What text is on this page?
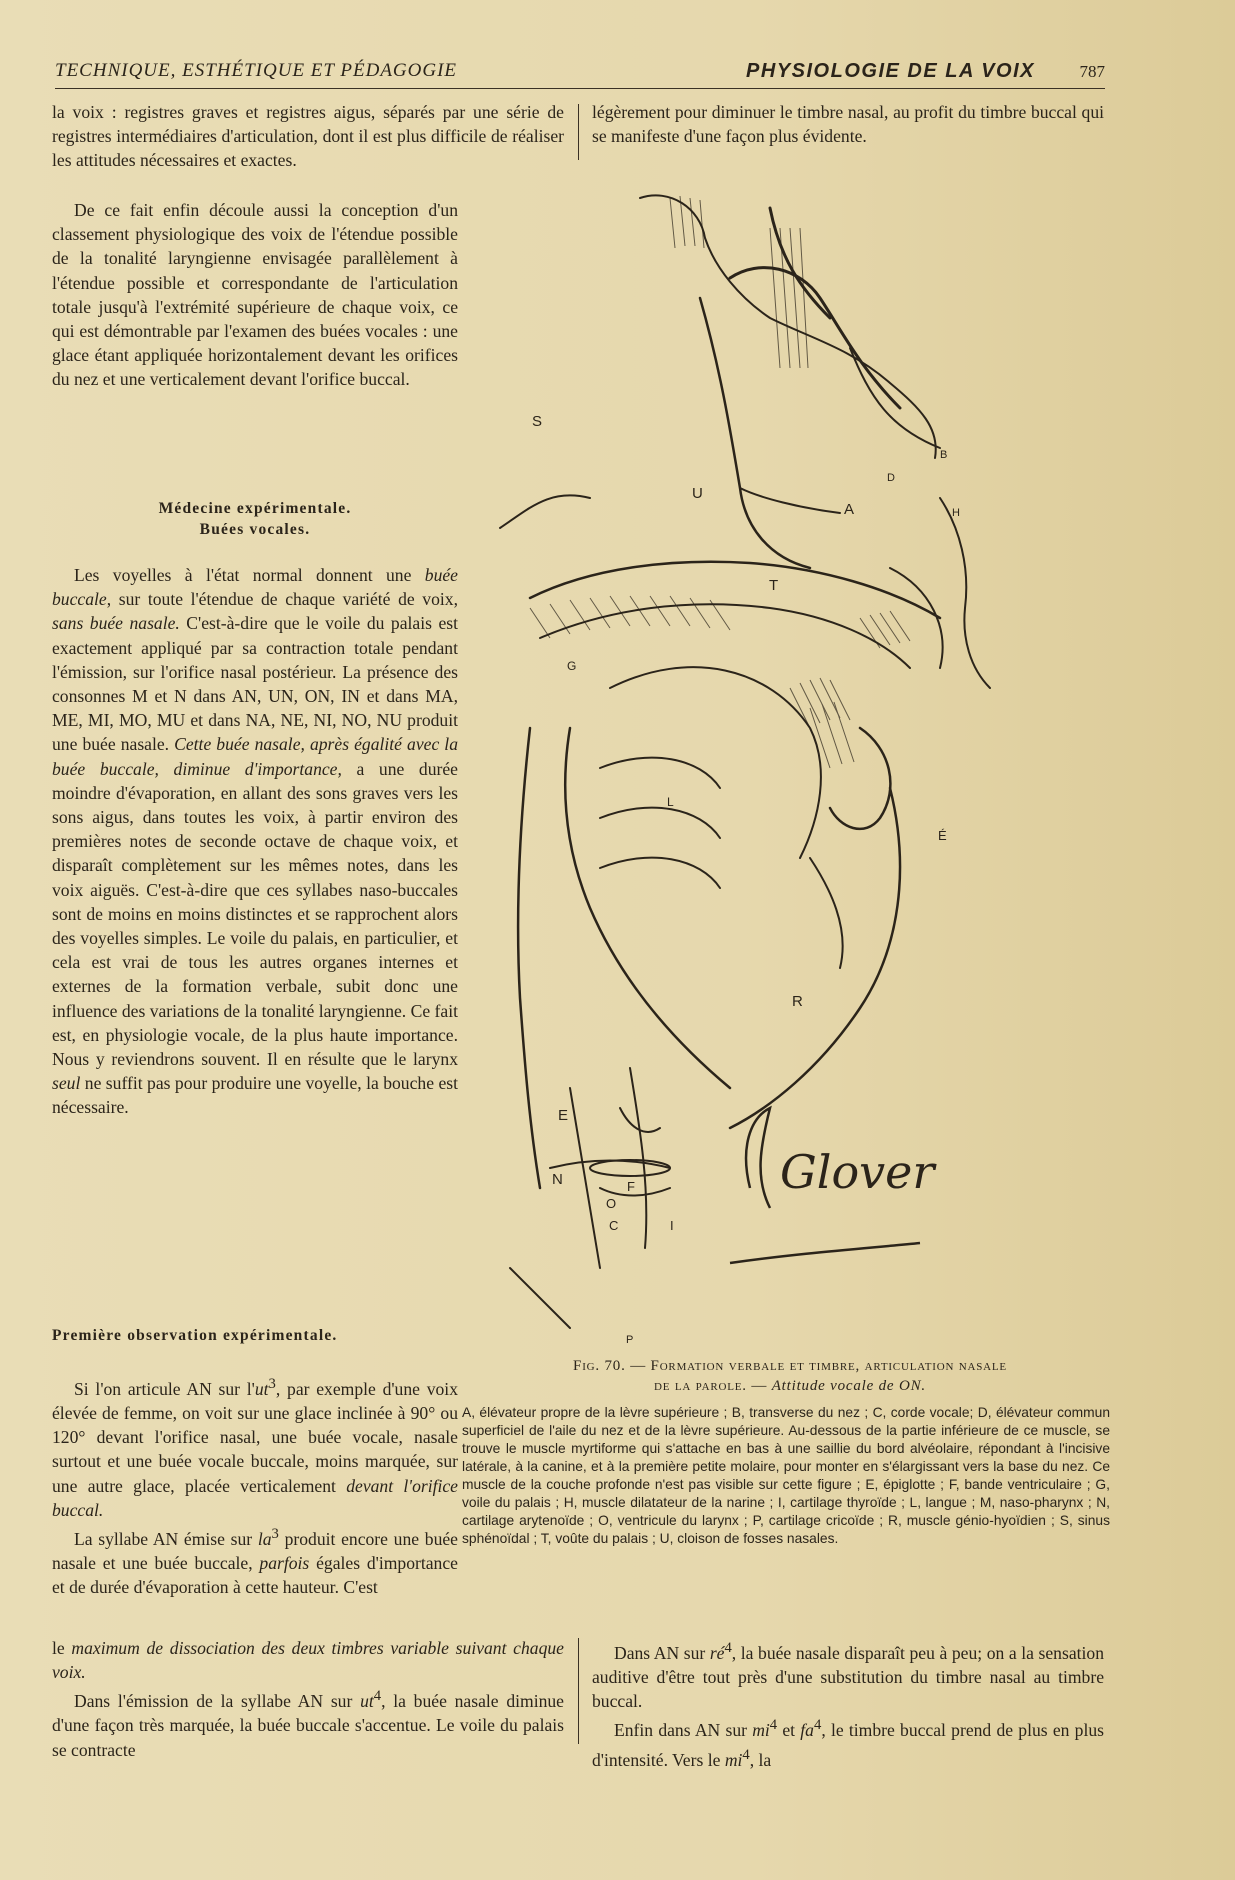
TECHNIQUE, ESTHÉTIQUE ET PÉDAGOGIE	PHYSIOLOGIE DE LA VOIX	787

la voix : registres graves et registres aigus, séparés par une série de registres intermédiaires d'articulation, dont il est plus difficile de réaliser les attitudes nécessaires et exactes.

De ce fait enfin découle aussi la conception d'un classement physiologique des voix de l'étendue possible de la tonalité laryngienne envisagée parallèlement à l'étendue possible et correspondante de l'articulation totale jusqu'à l'extrémité supérieure de chaque voix, ce qui est démontrable par l'examen des buées vocales : une glace étant appliquée horizontalement devant les orifices du nez et une verticalement devant l'orifice buccal.

légèrement pour diminuer le timbre nasal, au profit du timbre buccal qui se manifeste d'une façon plus évidente.

Médecine expérimentale.
Buées vocales.

Les voyelles à l'état normal donnent une buée buccale, sur toute l'étendue de chaque variété de voix, sans buée nasale. C'est-à-dire que le voile du palais est exactement appliqué par sa contraction totale pendant l'émission, sur l'orifice nasal postérieur. La présence des consonnes M et N dans AN, UN, ON, IN et dans MA, ME, MI, MO, MU et dans NA, NE, NI, NO, NU produit une buée nasale. Cette buée nasale, après égalité avec la buée buccale, diminue d'importance, a une durée moindre d'évaporation, en allant des sons graves vers les sons aigus, dans toutes les voix, à partir environ des premières notes de seconde octave de chaque voix, et disparaît complètement sur les mêmes notes, dans les voix aiguës. C'est-à-dire que ces syllabes naso-buccales sont de moins en moins distinctes et se rapprochent alors des voyelles simples. Le voile du palais, en particulier, et cela est vrai de tous les autres organes internes et externes de la formation verbale, subit donc une influence des variations de la tonalité laryngienne. Ce fait est, en physiologie vocale, de la plus haute importance. Nous y reviendrons souvent. Il en résulte que le larynx seul ne suffit pas pour produire une voyelle, la bouche est nécessaire.

Première observation expérimentale.

Si l'on articule AN sur $l'ut^3$, par exemple d'une voix élevée de femme, on voit sur une glace inclinée à 90° ou 120° devant l'orifice nasal, une buée vocale, nasale surtout et une buée vocale buccale, moins marquée, sur une autre glace, placée verticalement devant l'orifice buccal.

La syllabe AN émise sur $la^3$ produit encore une buée nasale et une buée buccale, parfois égales d'importance et de durée d'évaporation à cette hauteur. C'est

le maximum de dissociation des deux timbres variable suivant chaque voix.

Dans l'émission de la syllabe AN sur $ut^4$, la buée nasale diminue d'une façon très marquée, la buée buccale s'accentue. Le voile du palais se contracte

Dans AN sur $ré^4$, la buée nasale disparaît peu à peu; on a la sensation auditive d'être tout près d'une substitution du timbre nasal au timbre buccal.

Enfin dans AN sur $mi^4$ et $fa^4$, le timbre buccal prend de plus en plus d'intensité. Vers le $mi^4$, la

Glover
S
U
A
D
B
H
T
G
L
É
R
E
N	F
O
C	I
P
Fig. 70. — Formation verbale et timbre, articulation nasale
de la parole. — Attitude vocale de ON.

A, élévateur propre de la lèvre supérieure ; B, transverse du nez ; C, corde vocale; D, élévateur commun superficiel de l'aile du nez et de la lèvre supérieure. Au-dessous de la partie inférieure de ce muscle, se trouve le muscle myrtiforme qui s'attache en bas à une saillie du bord alvéolaire, répondant à l'incisive latérale, à la canine, et à la première petite molaire, pour monter en s'élargissant vers la base du nez. Ce muscle de la couche profonde n'est pas visible sur cette figure ; E, épiglotte ; F, bande ventriculaire ; G, voile du palais ; H, muscle dilatateur de la narine ; I, cartilage thyroïde ; L, langue ; M, naso-pharynx ; N, cartilage arytenoïde ; O, ventricule du larynx ; P, cartilage cricoïde ; R, muscle génio-hyoïdien ; S, sinus sphénoïdal ; T, voûte du palais ; U, cloison de fosses nasales.
